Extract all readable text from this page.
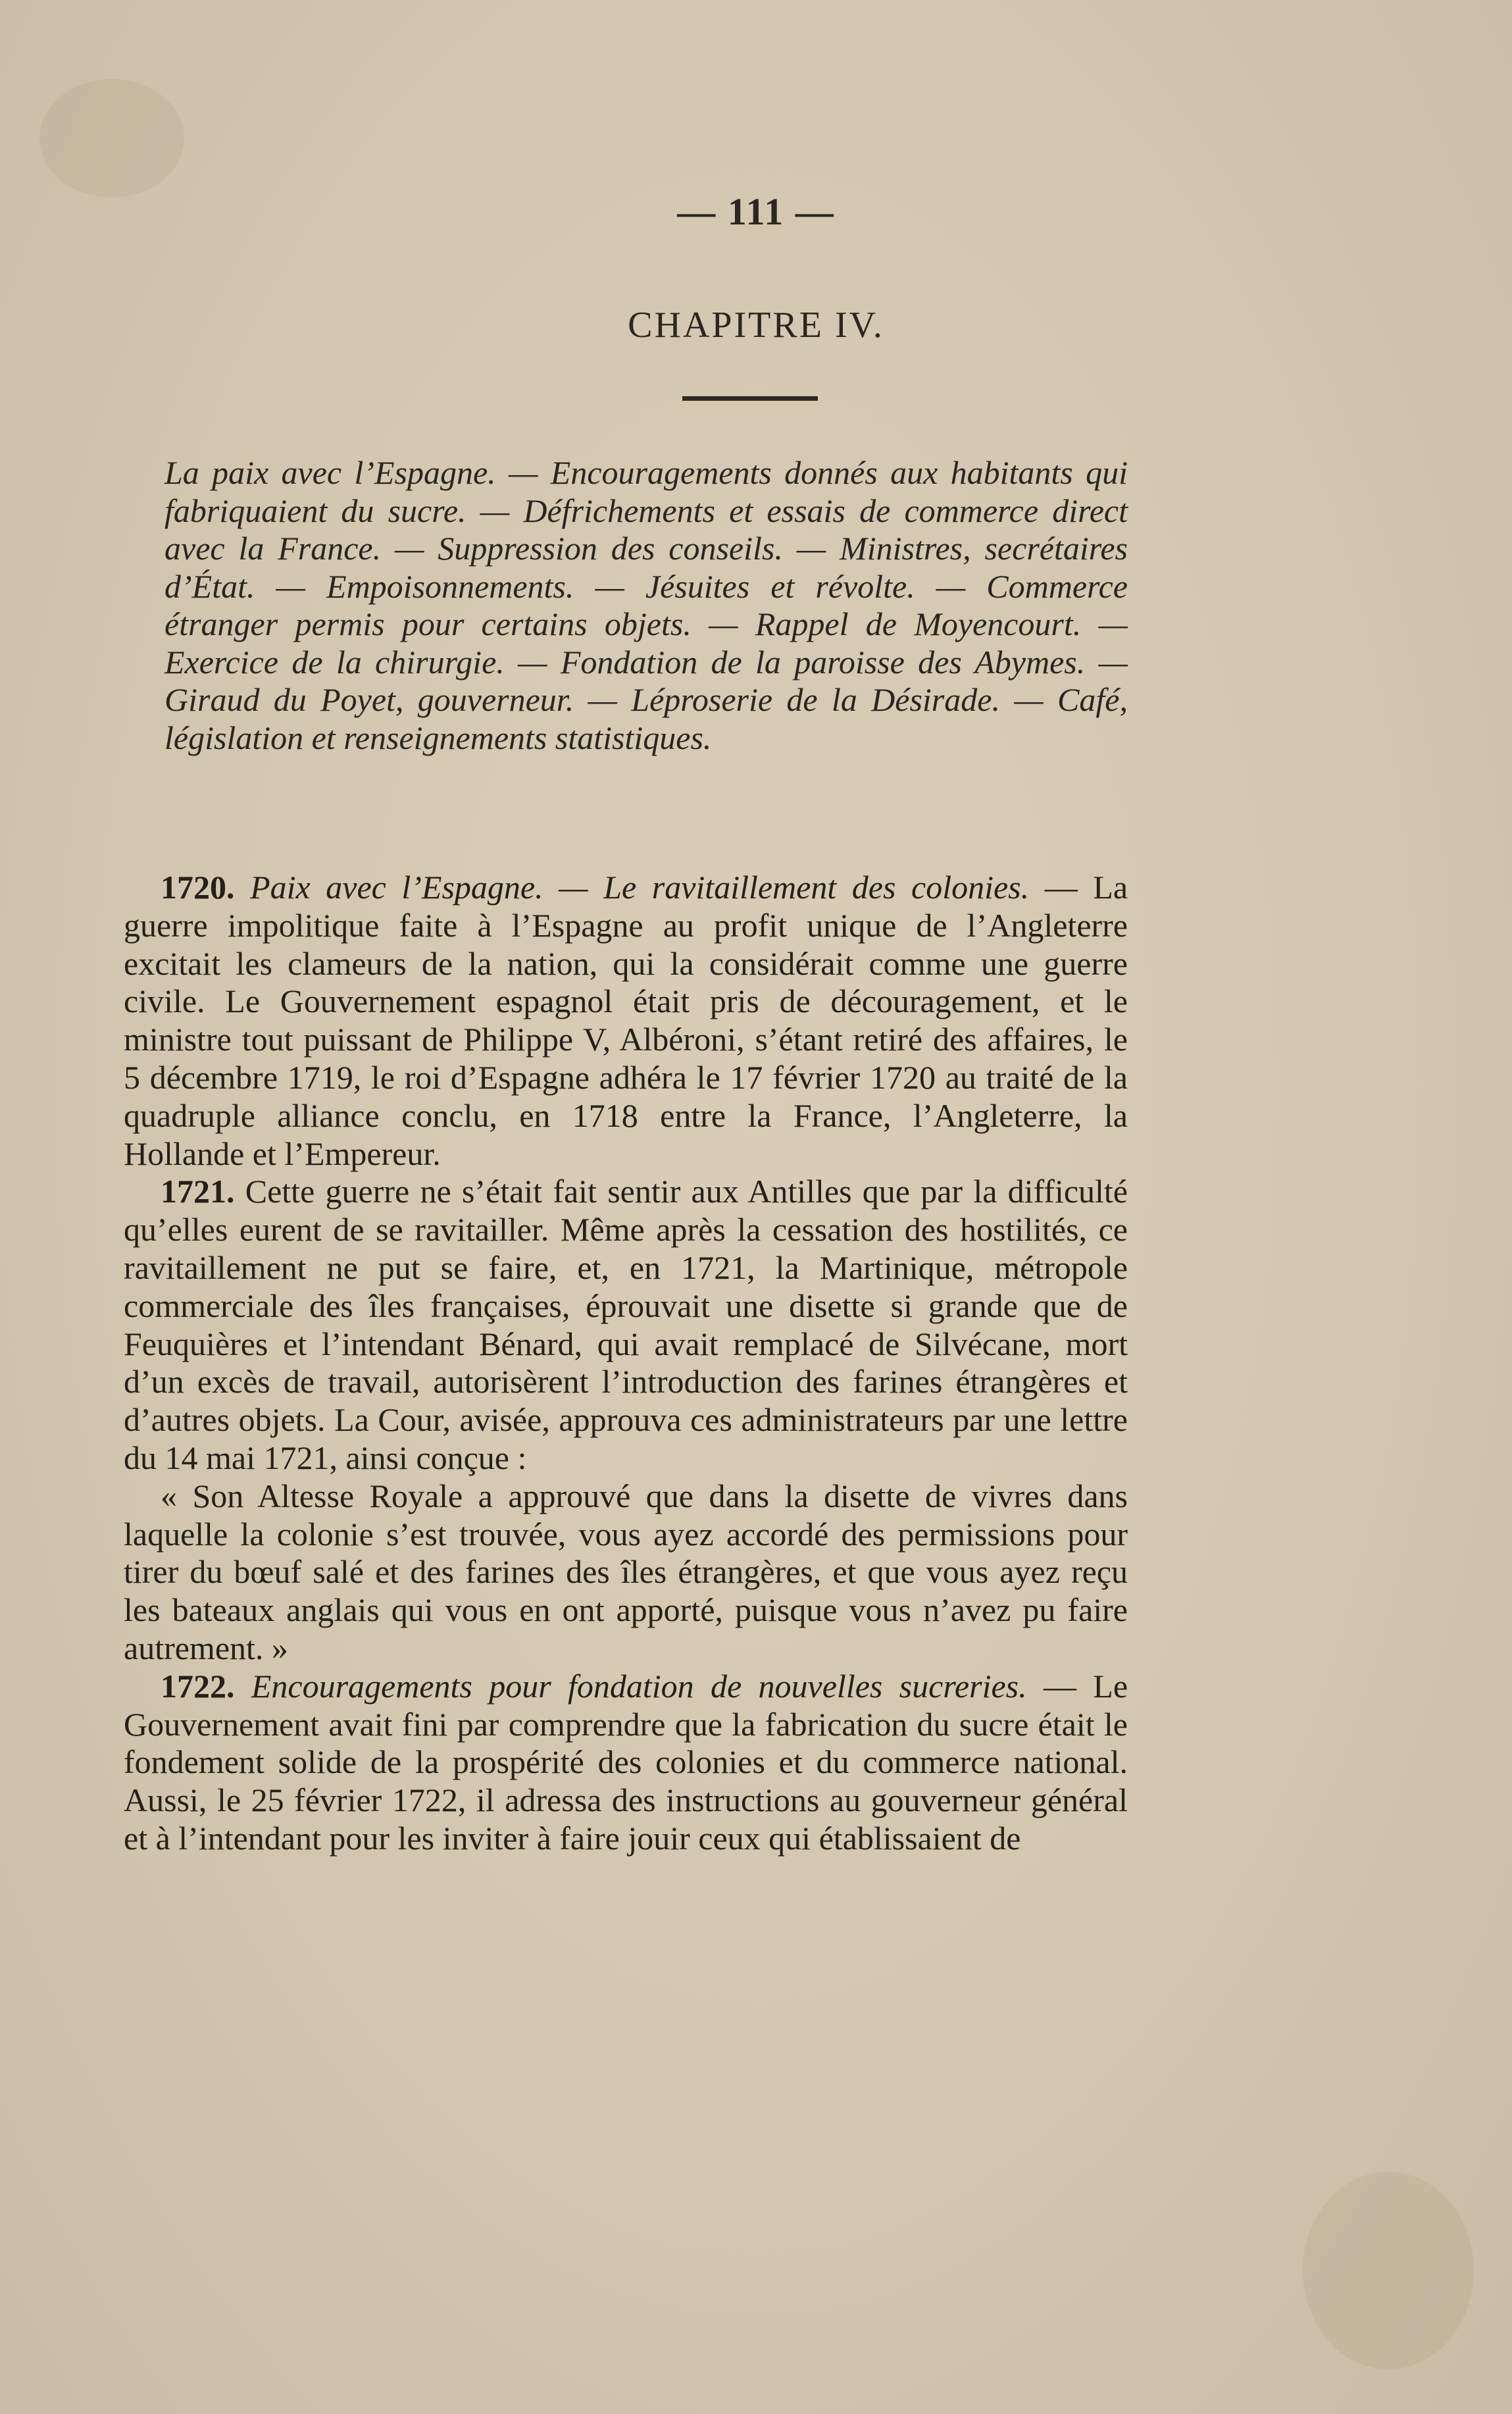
— 111 —
CHAPITRE IV.
La paix avec l’Espagne. — Encouragements donnés aux habitants qui fabriquaient du sucre. — Défrichements et essais de commerce direct avec la France. — Suppression des conseils. — Ministres, secrétaires d’État. — Empoisonnements. — Jésuites et révolte. — Commerce étranger permis pour certains objets. — Rappel de Moyencourt. — Exercice de la chirurgie. — Fondation de la paroisse des Abymes. — Giraud du Poyet, gouverneur. — Léproserie de la Désirade. — Café, législation et renseignements statistiques.

1720. Paix avec l’Espagne. — Le ravitaillement des colonies. — La guerre impolitique faite à l’Espagne au profit unique de l’Angleterre excitait les clameurs de la nation, qui la considérait comme une guerre civile. Le Gouvernement espagnol était pris de découragement, et le ministre tout puissant de Philippe V, Albéroni, s’étant retiré des affaires, le 5 décembre 1719, le roi d’Espagne adhéra le 17 février 1720 au traité de la quadruple alliance conclu, en 1718 entre la France, l’Angleterre, la Hollande et l’Empereur.

1721. Cette guerre ne s’était fait sentir aux Antilles que par la difficulté qu’elles eurent de se ravitailler. Même après la cessation des hostilités, ce ravitaillement ne put se faire, et, en 1721, la Martinique, métropole commerciale des îles françaises, éprouvait une disette si grande que de Feuquières et l’intendant Bénard, qui avait remplacé de Silvécane, mort d’un excès de travail, autorisèrent l’introduction des farines étrangères et d’autres objets. La Cour, avisée, approuva ces administrateurs par une lettre du 14 mai 1721, ainsi conçue :

« Son Altesse Royale a approuvé que dans la disette de vivres dans laquelle la colonie s’est trouvée, vous ayez accordé des permissions pour tirer du bœuf salé et des farines des îles étrangères, et que vous ayez reçu les bateaux anglais qui vous en ont apporté, puisque vous n’avez pu faire autrement. »

1722. Encouragements pour fondation de nouvelles sucreries. — Le Gouvernement avait fini par comprendre que la fabrication du sucre était le fondement solide de la prospérité des colonies et du commerce national. Aussi, le 25 février 1722, il adressa des instructions au gouverneur général et à l’intendant pour les inviter à faire jouir ceux qui établissaient de
